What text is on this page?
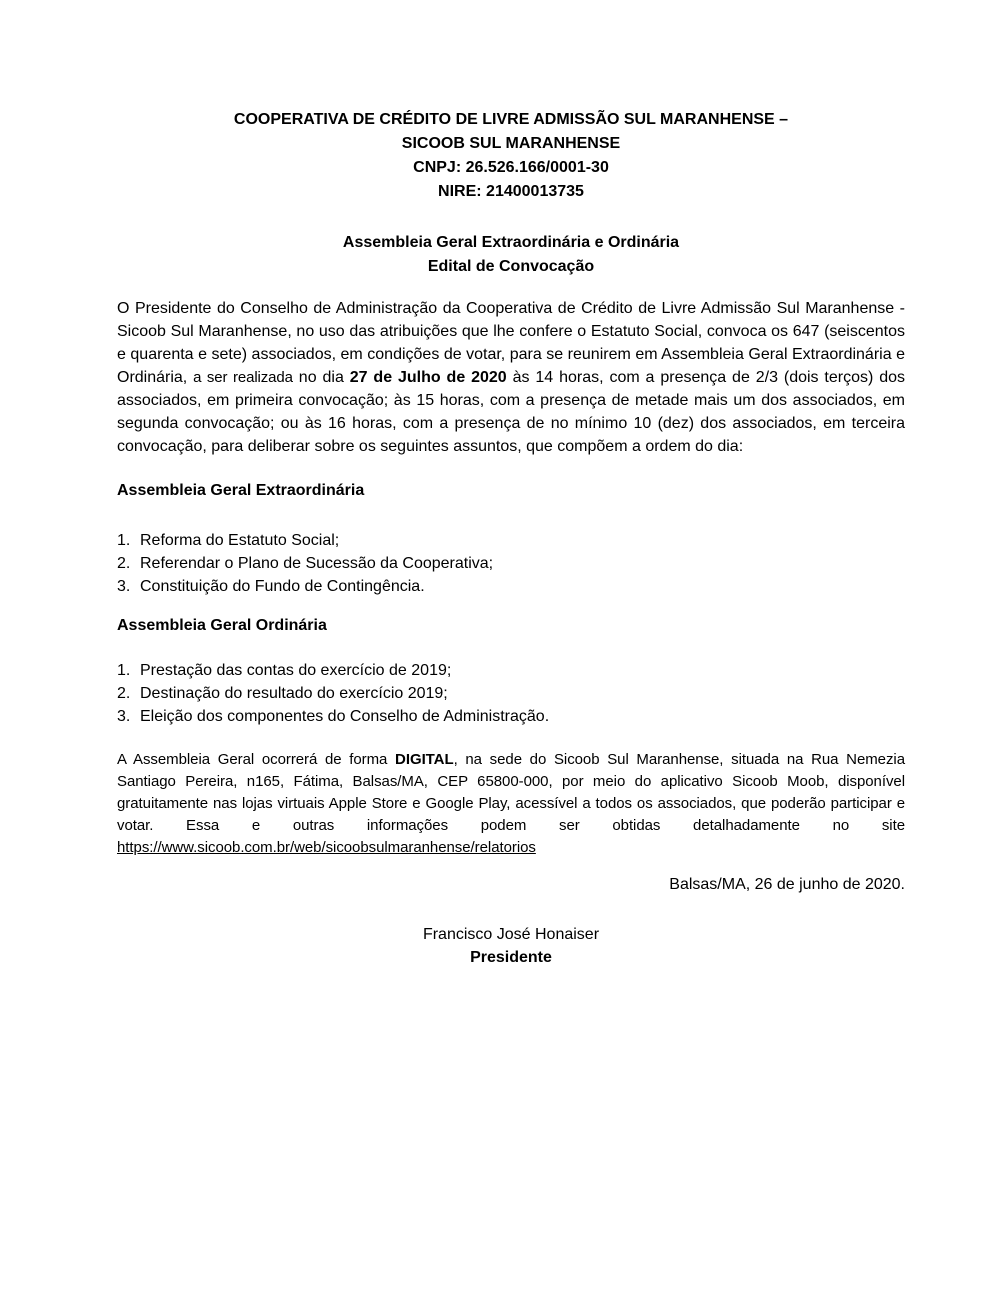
COOPERATIVA DE CRÉDITO DE LIVRE ADMISSÃO SUL MARANHENSE –
SICOOB SUL MARANHENSE
CNPJ: 26.526.166/0001-30
NIRE: 21400013735
Assembleia Geral Extraordinária e Ordinária
Edital de Convocação

O Presidente do Conselho de Administração da Cooperativa de Crédito de Livre Admissão Sul Maranhense - Sicoob Sul Maranhense, no uso das atribuições que lhe confere o Estatuto Social, convoca os 647 (seiscentos e quarenta e sete) associados, em condições de votar, para se reunirem em Assembleia Geral Extraordinária e Ordinária, a ser realizada no dia 27 de Julho de 2020 às 14 horas, com a presença de 2/3 (dois terços) dos associados, em primeira convocação; às 15 horas, com a presença de metade mais um dos associados, em segunda convocação; ou às 16 horas, com a presença de no mínimo 10 (dez) dos associados, em terceira convocação, para deliberar sobre os seguintes assuntos, que compõem a ordem do dia:

Assembleia Geral Extraordinária
1. Reforma do Estatuto Social;
2. Referendar o Plano de Sucessão da Cooperativa;
3. Constituição do Fundo de Contingência.
Assembleia Geral Ordinária
1. Prestação das contas do exercício de 2019;
2. Destinação do resultado do exercício 2019;
3. Eleição dos componentes do Conselho de Administração.

A Assembleia Geral ocorrerá de forma DIGITAL, na sede do Sicoob Sul Maranhense, situada na Rua Nemezia Santiago Pereira, n165, Fátima, Balsas/MA, CEP 65800-000, por meio do aplicativo Sicoob Moob, disponível gratuitamente nas lojas virtuais Apple Store e Google Play, acessível a todos os associados, que poderão participar e votar. Essa e outras informações podem ser obtidas detalhadamente no site https://www.sicoob.com.br/web/sicoobsulmaranhense/relatorios

Balsas/MA, 26 de junho de 2020.
Francisco José Honaiser
Presidente
